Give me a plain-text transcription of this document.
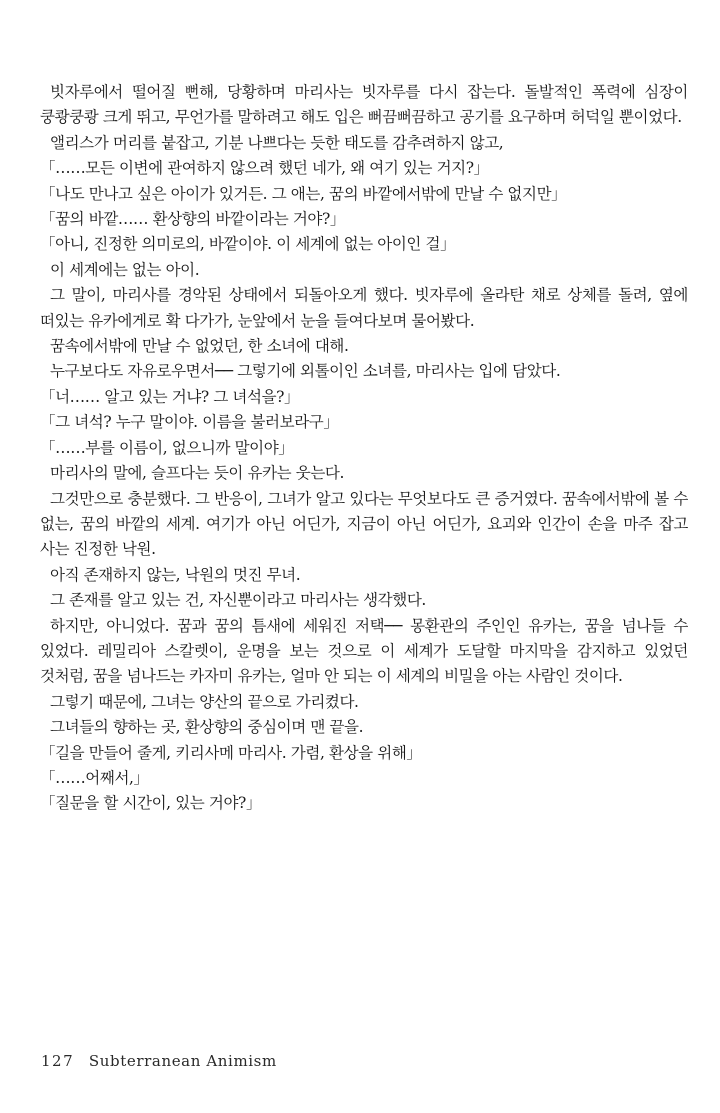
빗자루에서 떨어질 뻔해, 당황하며 마리사는 빗자루를 다시 잡는다. 돌발적인 폭력에 심장이 쿵쾅쿵쾅 크게 뛰고, 무언가를 말하려고 해도 입은 뻐끔뻐끔하고 공기를 요구하며 허덕일 뿐이었다.

앨리스가 머리를 붙잡고, 기분 나쁘다는 듯한 태도를 감추려하지 않고,

「……모든 이변에 관여하지 않으려 했던 네가, 왜 여기 있는 거지?」

「나도 만나고 싶은 아이가 있거든. 그 애는, 꿈의 바깥에서밖에 만날 수 없지만」

「꿈의 바깥…… 환상향의 바깥이라는 거야?」

「아니, 진정한 의미로의, 바깥이야. 이 세계에 없는 아이인 걸」

이 세계에는 없는 아이.

그 말이, 마리사를 경악된 상태에서 되돌아오게 했다. 빗자루에 올라탄 채로 상체를 돌려, 옆에 떠있는 유카에게로 확 다가가, 눈앞에서 눈을 들여다보며 물어봤다.

꿈속에서밖에 만날 수 없었던, 한 소녀에 대해.

누구보다도 자유로우면서── 그렇기에 외톨이인 소녀를, 마리사는 입에 담았다.

「너…… 알고 있는 거냐? 그 녀석을?」

「그 녀석? 누구 말이야. 이름을 불러보라구」

「……부를 이름이, 없으니까 말이야」

마리사의 말에, 슬프다는 듯이 유카는 웃는다.

그것만으로 충분했다. 그 반응이, 그녀가 알고 있다는 무엇보다도 큰 증거였다. 꿈속에서밖에 볼 수 없는, 꿈의 바깥의 세계. 여기가 아닌 어딘가, 지금이 아닌 어딘가, 요괴와 인간이 손을 마주 잡고 사는 진정한 낙원.

아직 존재하지 않는, 낙원의 멋진 무녀.

그 존재를 알고 있는 건, 자신뿐이라고 마리사는 생각했다.

하지만, 아니었다. 꿈과 꿈의 틈새에 세워진 저택── 몽환관의 주인인 유카는, 꿈을 넘나들 수 있었다. 레밀리아 스칼렛이, 운명을 보는 것으로 이 세계가 도달할 마지막을 감지하고 있었던 것처럼, 꿈을 넘나드는 카자미 유카는, 얼마 안 되는 이 세계의 비밀을 아는 사람인 것이다.

그렇기 때문에, 그녀는 양산의 끝으로 가리켰다.

그녀들의 향하는 곳, 환상향의 중심이며 맨 끝을.

「길을 만들어 줄게, 키리사메 마리사. 가렴, 환상을 위해」

「……어째서,」

「질문을 할 시간이, 있는 거야?」

127 Subterranean Animism
